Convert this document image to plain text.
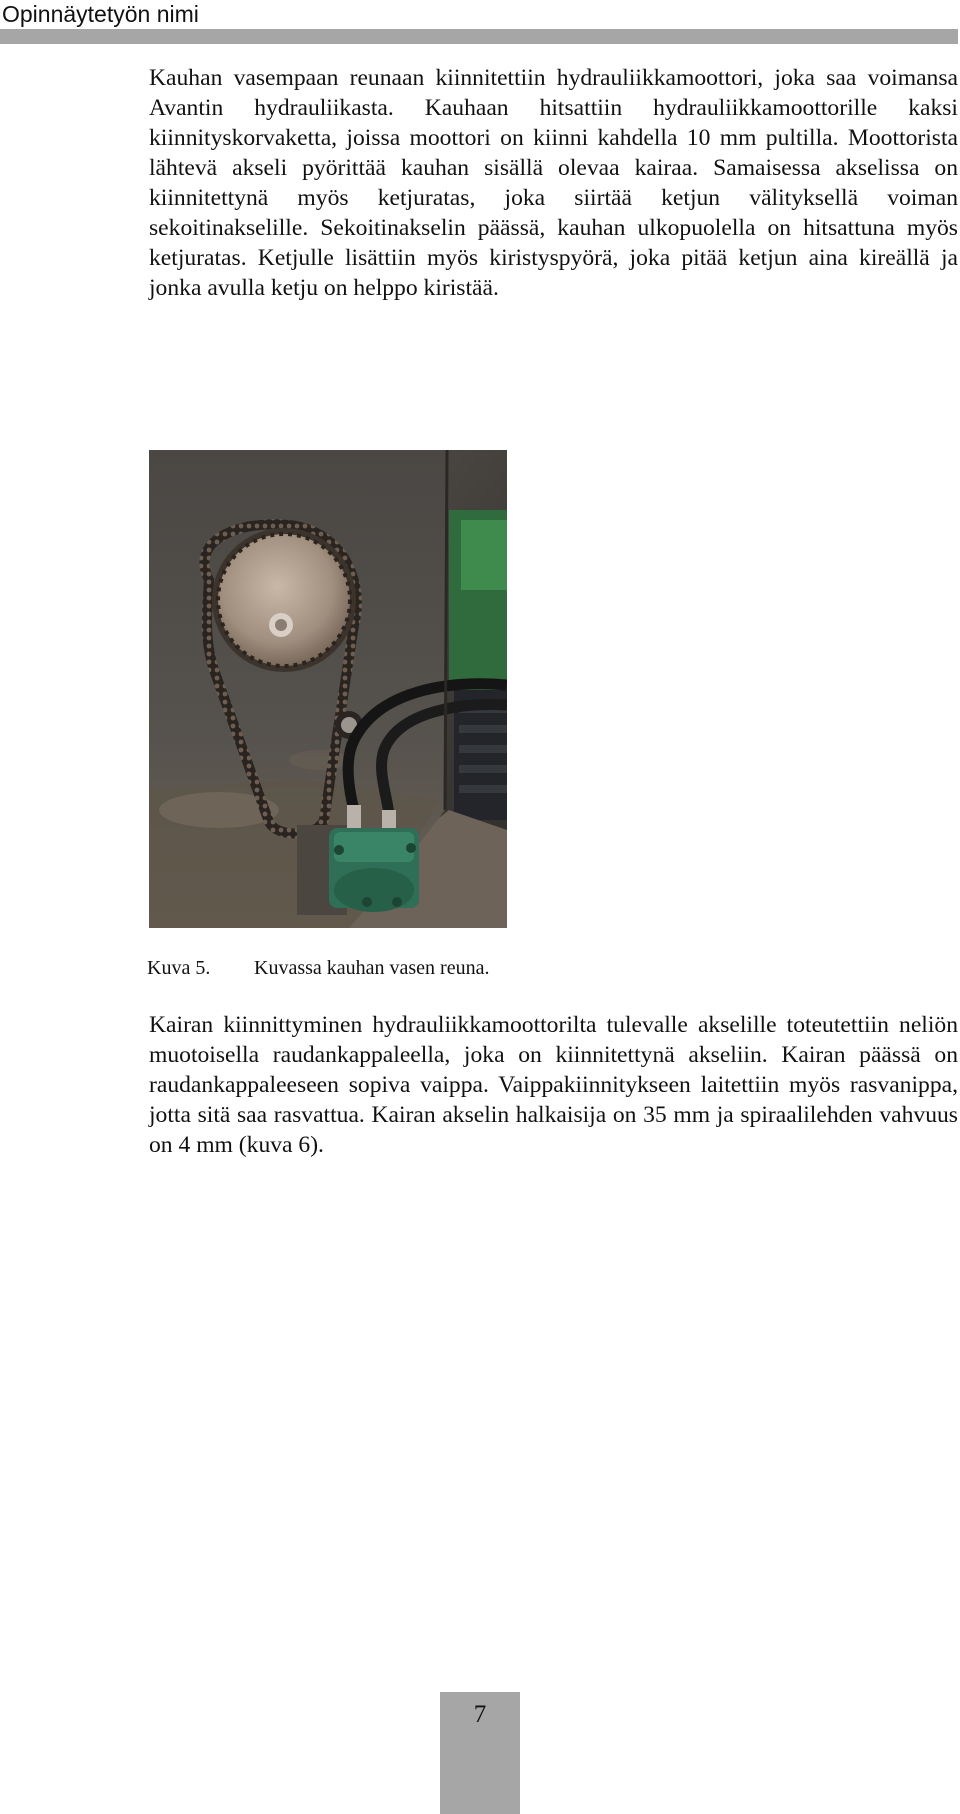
Opinnäytetyön nimi

Kauhan vasempaan reunaan kiinnitettiin hydrauliikkamoottori, joka saa voimansa Avantin hydrauliikasta. Kauhaan hitsattiin hydrauliikkamoottorille kaksi kiinnityskorvaketta, joissa moottori on kiinni kahdella 10 mm pultilla. Moottorista lähtevä akseli pyörittää kauhan sisällä olevaa kairaa. Samaisessa akselissa on kiinnitettynä myös ketjuratas, joka siirtää ketjun välityksellä voiman sekoitinakselille. Sekoitinakselin päässä, kauhan ulkopuolella on hitsattuna myös ketjuratas. Ketjulle lisättiin myös kiristyspyörä, joka pitää ketjun aina kireällä ja jonka avulla ketju on helppo kiristää.

Kuva 5. Kuvassa kauhan vasen reuna.

Kairan kiinnittyminen hydrauliikkamoottorilta tulevalle akselille toteutettiin neliön muotoisella raudankappaleella, joka on kiinnitettynä akseliin. Kairan päässä on raudankappaleeseen sopiva vaippa. Vaippakiinnitykseen laitettiin myös rasvanippa, jotta sitä saa rasvattua. Kairan akselin halkaisija on 35 mm ja spiraalilehden vahvuus on 4 mm (kuva 6).

7
